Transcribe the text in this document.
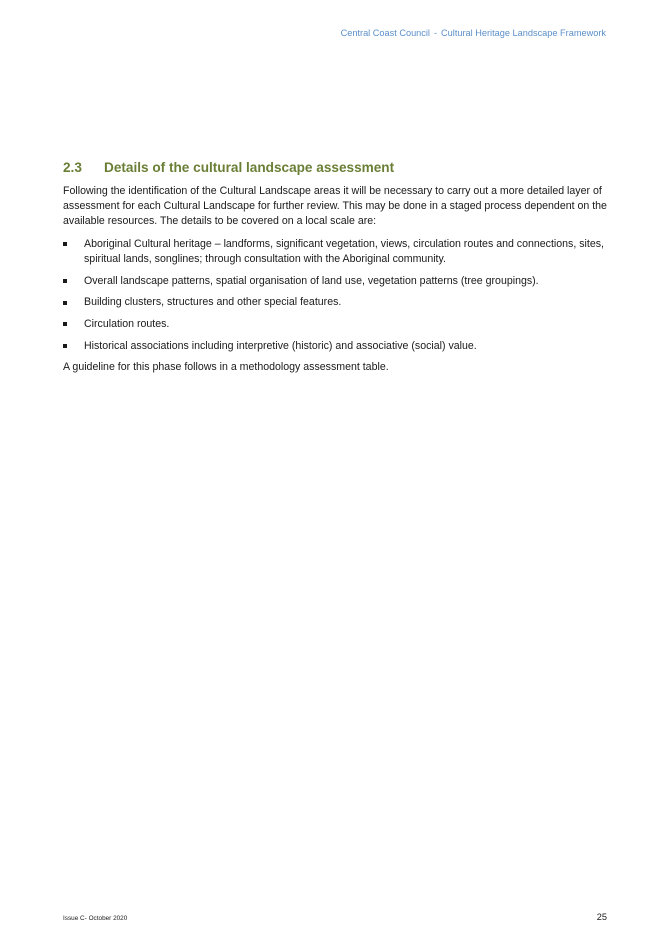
Central Coast Council - Cultural Heritage Landscape Framework
2.3	Details of the cultural landscape assessment

Following the identification of the Cultural Landscape areas it will be necessary to carry out a more detailed layer of assessment for each Cultural Landscape for further review. This may be done in a staged process dependent on the available resources. The details to be covered on a local scale are:

Aboriginal Cultural heritage – landforms, significant vegetation, views, circulation routes and connections, sites, spiritual lands, songlines; through consultation with the Aboriginal community.
Overall landscape patterns, spatial organisation of land use, vegetation patterns (tree groupings).
Building clusters, structures and other special features.
Circulation routes.
Historical associations including interpretive (historic) and associative (social) value.

A guideline for this phase follows in a methodology assessment table.

Issue C- October 2020	25
